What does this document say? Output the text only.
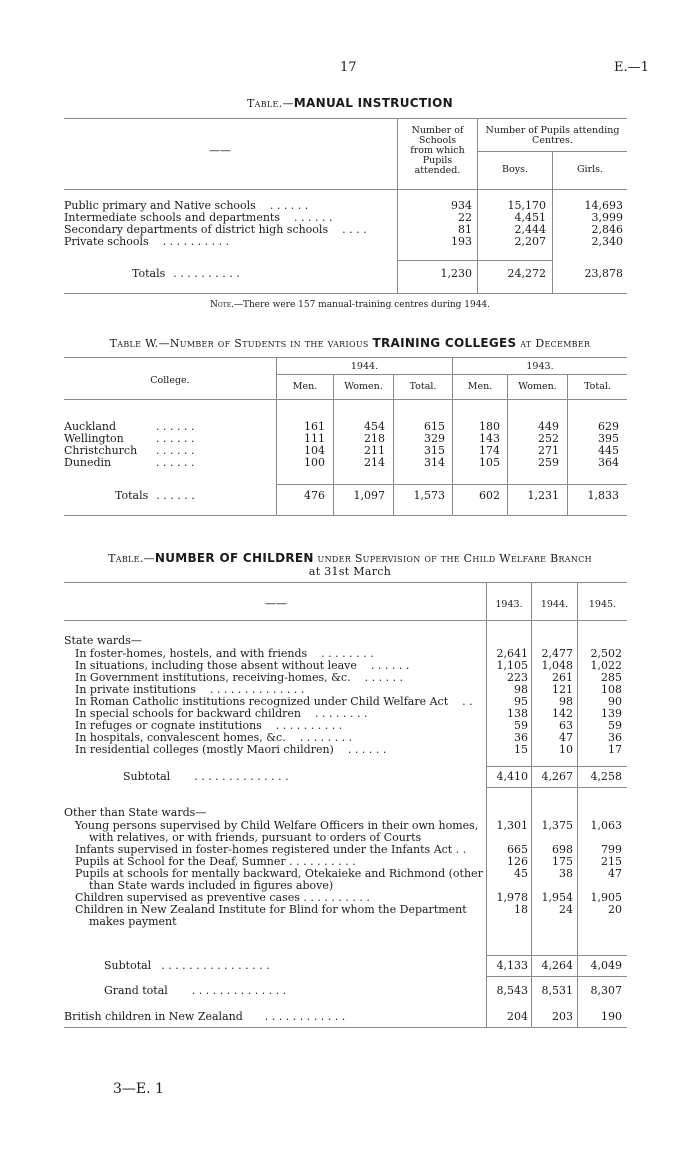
17	E.—1
Table.—MANUAL INSTRUCTION
——
Number of
Schools
from which
Pupils
attended.
Number of Pupils attending
Centres.
Boys.	Girls.
Public primary and Native schools . . . . . .	934	15,170	14,693
Intermediate schools and departments . . . . . .	22	4,451	3,999
Secondary departments of district high schools . . . .	81	2,444	2,846
Private schools . . . . . . . . . .	193	2,207	2,340
Totals . . . . . . . . . .	1,230	24,272	23,878
Note.—There were 157 manual-training centres during 1944.
Table W.—Number of Students in the various TRAINING COLLEGES at December
College.
1944.	1943.
Men.	Women.	Total.	Men.	Women.	Total.
Auckland	. . . . . .	161	454	615	180	449	629
Wellington	. . . . . .	111	218	329	143	252	395
Christchurch . . . . . .	104	211	315	174	271	445
Dunedin	. . . . . .	100	214	314	105	259	364
Totals . . . . . .	476	1,097	1,573	602	1,231	1,833
Table.—NUMBER OF CHILDREN under Supervision of the Child Welfare Branch
at 31st March
——	1943.	1944.	1945.
State wards—
In foster-homes, hostels, and with friends . . . . . . . .	2,641	2,477	2,502
In situations, including those absent without leave . . . . . .	1,105	1,048	1,022
In Government institutions, receiving-homes, &c. . . . . . .	223	261	285
In private institutions . . . . . . . . . . . . . .	98	121	108
In Roman Catholic institutions recognized under Child Welfare Act . .	95	98	90
In special schools for backward children . . . . . . . .	138	142	139
In refuges or cognate institutions . . . . . . . . . .	59	63	59
In hospitals, convalescent homes, &c. . . . . . . . .	36	47	36
In residential colleges (mostly Maori children) . . . . . .	15	10	17
Subtotal . . . . . . . . . . . . . .	4,410	4,267	4,258
Other than State wards—
Young persons supervised by Child Welfare Officers in their own homes,
with relatives, or with friends, pursuant to orders of Courts
1,301	1,375	1,063
Infants supervised in foster-homes registered under the Infants Act . .	665	698	799
Pupils at School for the Deaf, Sumner . . . . . . . . . .	126	175	215
Pupils at schools for mentally backward, Otekaieke and Richmond (other
than State wards included in figures above)
45	38	47
Children supervised as preventive cases . . . . . . . . . .	1,978	1,954	1,905
Children in New Zealand Institute for Blind for whom the Department
makes payment
18	24	20
Subtotal . . . . . . . . . . . . . . . .	4,133	4,264	4,049
Grand total . . . . . . . . . . . . . .	8,543	8,531	8,307
British children in New Zealand . . . . . . . . . . . .	204	203	190
3—E. 1
